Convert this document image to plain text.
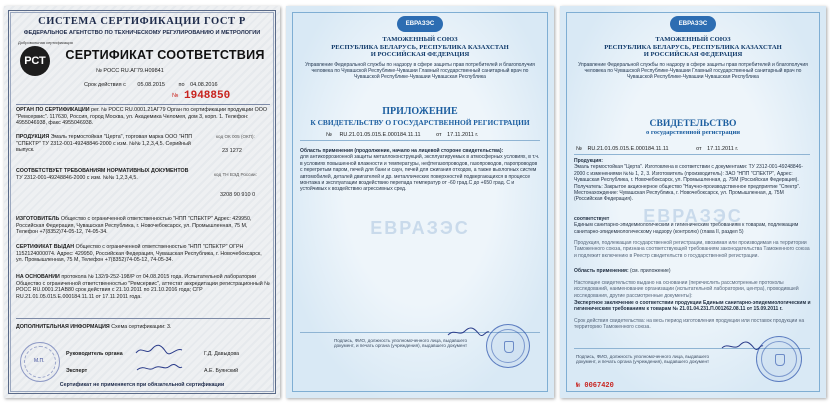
СИСТЕМА СЕРТИФИКАЦИИ ГОСТ Р
ФЕДЕРАЛЬНОЕ АГЕНТСТВО ПО ТЕХНИЧЕСКОМУ РЕГУЛИРОВАНИЮ И МЕТРОЛОГИИ
Добровольная сертификация
РСТ	СЕРТИФИКАТ СООТВЕТСТВИЯ
№ РОСС RU.АГ79.Н09841
Срок действия с 05.08.2015 по 04.08.2016
№ 1948850
ОРГАН ПО СЕРТИФИКАЦИИ рег. № РОСС RU.0001.21АГ79 Орган по сертификации продукции ООО "Ремсервис". 117630, Россия, город Москва, ул. Академика Челомея, дом 3, корп. 1. Телефон: 4955046938, факс 4955046938.
ПРОДУКЦИЯ Эмаль термостойкая "Церта", торговая марка ООО "НПП "СПЕКТР" ТУ 2312-001-49248846-2000 с изм. №№ 1,2,3,4,5. Серийный выпуск.
код ОК 005 (ОКП):
23 1272
СООТВЕТСТВУЕТ ТРЕБОВАНИЯМ НОРМАТИВНЫХ ДОКУМЕНТОВ
ТУ 2312-001-49248846-2000 с изм. №№ 1,2,3,4,5.
код ТН ВЭД России:
3208 90 910 0
ИЗГОТОВИТЕЛЬ Общество с ограниченной ответственностью "НПП "СПЕКТР" Адрес: 429950, Российская Федерация, Чувашская Республика, г. Новочебоксарск, ул. Промышленная, 75 М, Телефон +7(8352)74-05-12, 74-05-34.
СЕРТИФИКАТ ВЫДАН Общество с ограниченной ответственностью "НПП "СПЕКТР" ОГРН 1152124000074. Адрес: 429950, Российская Федерация, Чувашская Республика, г. Новочебоксарск, ул. Промышленная, 75 М, Телефон +7(8352)74-05-12, 74-05-34.
НА ОСНОВАНИИ протокола № 132/9-252-198/Р от 04.08.2015 года. Испытательной лаборатории Общество с ограниченной ответственностью "Ремсервис", аттестат аккредитации регистрационный № РОСС RU.0001.21АВ80 срок действия с 21.10.2011 по 21.10.2016 года; СГР RU.21.01.05.015.Е.000184.11.11 от 17.11.2011 года.
ДОПОЛНИТЕЛЬНАЯ ИНФОРМАЦИЯ Схема сертификации: 3.
М.П.
Руководитель органа	Г.Д. Давыдова
Эксперт	А.Е. Буянский
Сертификат не применяется при обязательной сертификации
ЕВРАЗЭС
ТАМОЖЕННЫЙ СОЮЗ
РЕСПУБЛИКА БЕЛАРУСЬ, РЕСПУБЛИКА КАЗАХСТАН
И РОССИЙСКАЯ ФЕДЕРАЦИЯ
Управление Федеральной службы по надзору в сфере защиты прав потребителей и благополучия человека по Чувашской Республике-Чувашии Главный государственный санитарный врач по Чувашской Республике-Чувашии Чувашская Республика
ПРИЛОЖЕНИЕ
К СВИДЕТЕЛЬСТВУ О ГОСУДАРСТВЕННОЙ РЕГИСТРАЦИИ
№ RU.21.01.05.015.Е.000184.11.11	от 17.11.2011 г.
Область применения (продолжение, начало на лицевой стороне свидетельства):
для антикоррозионной защиты металлоконструкций, эксплуатируемых в атмосферных условиях, в т.ч. в условиях повышенной влажности и температуры, нефтегазопроводов, газопроводов, паропроводов с перегретым паром, печей для бани и саун, печей для сжигания отходов, а также выхлопных систем автомобилей, деталей двигателей и др. металлических поверхностей подвергающихся в процессе монтажа и эксплуатации воздействию перепада температур от -60 град.С до +650 град. С и устойчивых к воздействию агрессивных сред.
ЕВРАЗЭС
Подпись, ФИО, должность уполномоченного лица, выдавшего документ, и печать органа (учреждения), выдавшего документ
ЕВРАЗЭС
ТАМОЖЕННЫЙ СОЮЗ
РЕСПУБЛИКА БЕЛАРУСЬ, РЕСПУБЛИКА КАЗАХСТАН
И РОССИЙСКАЯ ФЕДЕРАЦИЯ
Управление Федеральной службы по надзору в сфере защиты прав потребителей и благополучия человека по Чувашской Республике-Чувашии Главный государственный санитарный врач по Чувашской Республике-Чувашии Чувашская Республика
СВИДЕТЕЛЬСТВО
о государственной регистрации
№ RU.21.01.05.015.Е.000184.11.11	от 17.11.2011 г.
Продукция:
Эмаль термостойкая "Церта". Изготовлена в соответствии с документами: ТУ 2312-001-49248846-2000 с изменениями №№ 1, 2, 3. Изготовитель (производитель): ЗАО "НПП "СПЕКТР", Адрес: Чувашская Республика, г. Новочебоксарск, ул. Промышленная, д. 75М (Российская Федерация). Получатель: Закрытое акционерное общество "Научно-производственное предприятие "Спектр". Местонахождение: Чувашская Республика, г. Новочебоксарск, ул. Промышленная, д. 75М (Российская Федерация).
соответствует
Единым санитарно-эпидемиологическим и гигиеническим требованиям к товарам, подлежащим санитарно-эпидемиологическому надзору (контролю) (глава II, раздел 5)
Продукция, подлежащая государственной регистрации, ввозимая или производимая на территории Таможенного союза, признана соответствующей требованиям законодательства Таможенного союза и подлежит включению в Реестр свидетельств о государственной регистрации.
Область применения: (см. приложение)
Настоящее свидетельство выдано на основании (перечислить рассмотренные протоколы исследований, наименование организации (испытательной лаборатории, центра), проводившей исследования, другие рассмотренные документы):
Экспертное заключение о соответствии продукции Единым санитарно-эпидемиологическим и гигиеническим требованиям к товарам № 21.01.04.231.П.001262.08.11 от 15.09.2011 г.
Срок действия свидетельства: на весь период изготовления продукции или поставок продукции на территорию Таможенного союза.
ЕВРАЗЭС
Подпись, ФИО, должность уполномоченного лица, выдавшего документ, и печать органа (учреждения), выдавшего документ
№ 0067420
